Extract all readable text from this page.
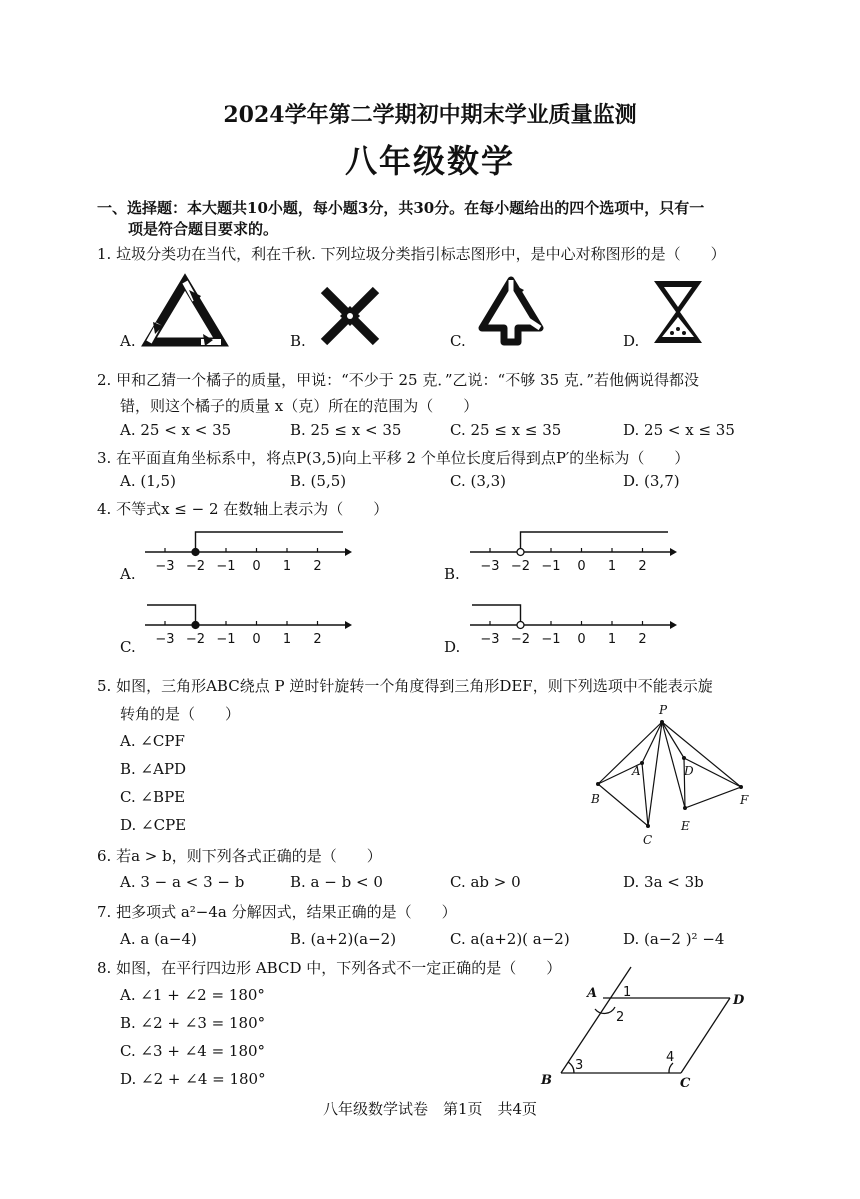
2024学年第二学期初中期末学业质量监测
八年级数学
一、选择题：本大题共10小题，每小题3分，共30分。在每小题给出的四个选项中，只有一
项是符合题目要求的。
1. 垃圾分类功在当代，利在千秋. 下列垃圾分类指引标志图形中，是中心对称图形的是（　　）
A.	B.	C.	D.
2. 甲和乙猜一个橘子的质量，甲说：“不少于 25 克．”乙说：“不够 35 克．”若他俩说得都没
错，则这个橘子的质量 x（克）所在的范围为（　　）
A. 25 < x < 35	B. 25 ≤ x < 35	C. 25 ≤ x ≤ 35	D. 25 < x ≤ 35
3. 在平面直角坐标系中，将点P(3,5)向上平移 2 个单位长度后得到点P′的坐标为（　　）
A. (1,5)	B. (5,5)	C. (3,3)	D. (3,7)
4. 不等式x ≤ − 2 在数轴上表示为（　　）
A.	B.
C.	D.
−3 −2 −1 0 1 2	−3 −2 −1 0 1 2
−3 −2 −1 0 1 2	−3 −2 −1 0 1 2
5. 如图，三角形ABC绕点 P 逆时针旋转一个角度得到三角形DEF，则下列选项中不能表示旋
转角的是（　　）
A. ∠CPF
B. ∠APD
C. ∠BPE
D. ∠CPE
P
A
B
C
D
E
F
6. 若a > b，则下列各式正确的是（　　）
A. 3 − a < 3 − b	B. a − b < 0	C. ab > 0	D. 3a < 3b
7. 把多项式 a²−4a 分解因式，结果正确的是（　　）
A. a (a−4)	B. (a+2)(a−2)	C. a(a+2)( a−2)	D. (a−2 )² −4
8. 如图，在平行四边形 ABCD 中，下列各式不一定正确的是（　　）
A. ∠1 + ∠2 = 180°
B. ∠2 + ∠3 = 180°
C. ∠3 + ∠4 = 180°
D. ∠2 + ∠4 = 180°
A
B	C
D
1
2
3
4
八年级数学试卷　第1页　共4页
